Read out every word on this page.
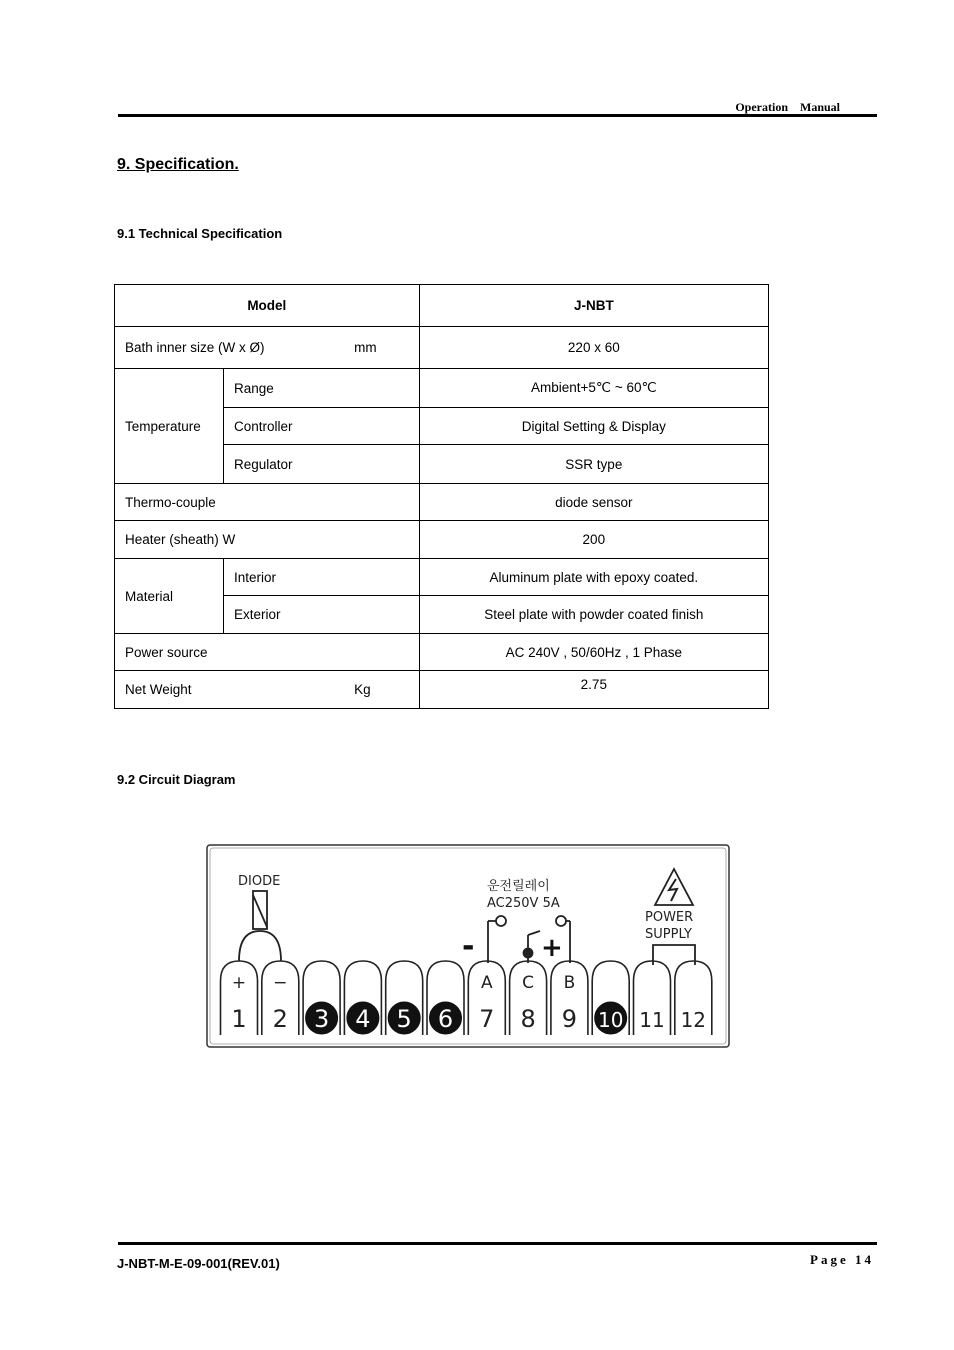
Operation    Manual
9. Specification.
9.1 Technical Specification
Model		J-NBT
Bath inner size (W x Ø) mm		220 x 60
Temperature	Range	Ambient+5℃ ~ 60℃
	Controller	Digital Setting & Display
	Regulator	SSR type
Thermo-couple		diode sensor
Heater (sheath) W		200
Material	Interior	Aluminum plate with epoxy coated.
	Exterior	Steel plate with powder coated finish
Power source		AC 240V , 50/60Hz , 1 Phase
Net Weight Kg		2.75
9.2 Circuit Diagram
DIODE	운전릴레이
AC250V 5A
-	+
POWER
SUPPLY
+
1
−
2 3 4 5 6
A
7
C
8
B
9 10 11 12
J-NBT-M-E-09-001(REV.01)	Page 14
